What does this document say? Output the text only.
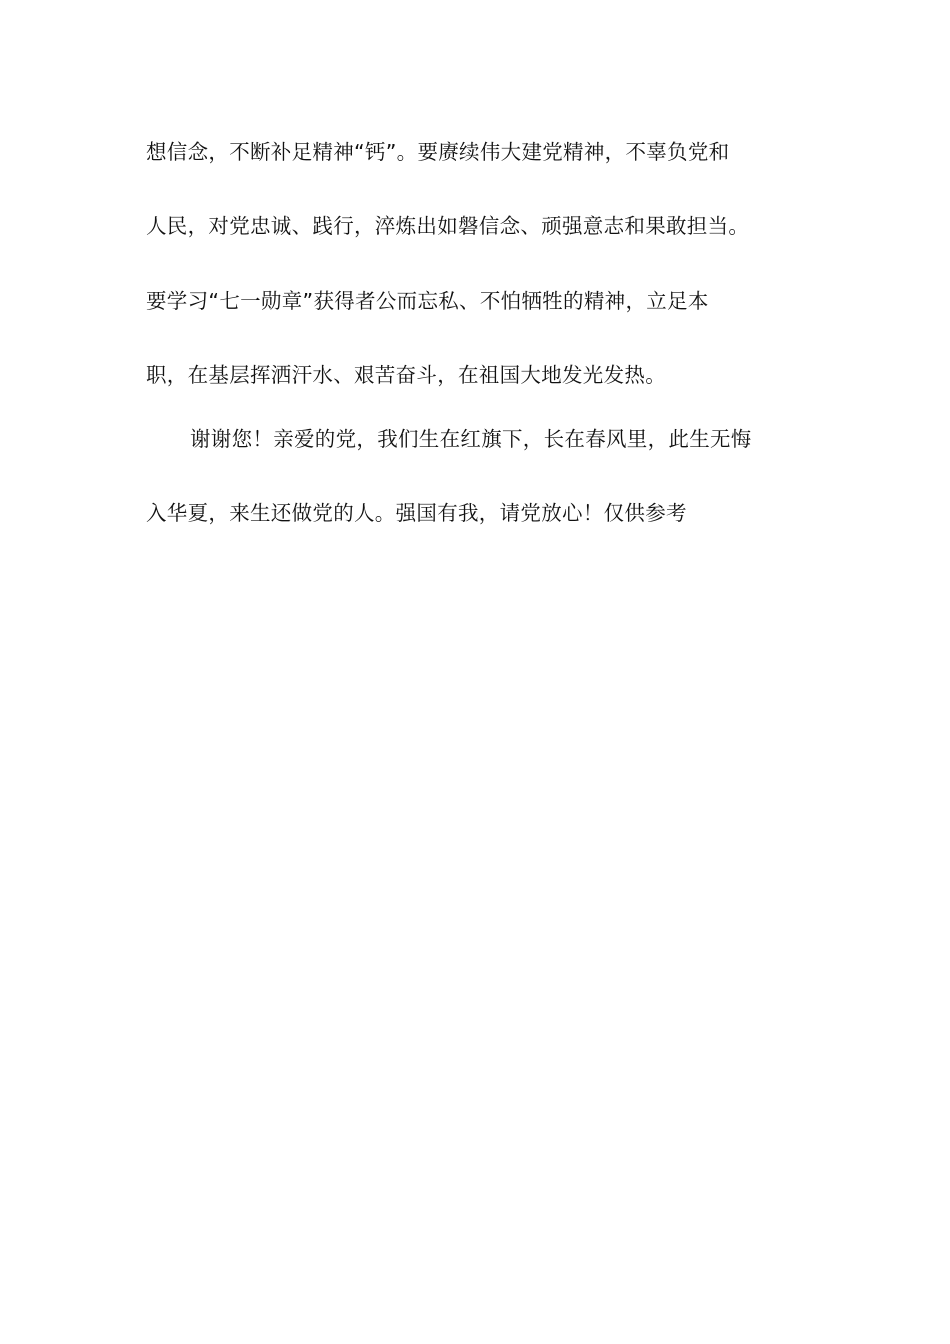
想信念，不断补足精神“钙”。要赓续伟大建党精神，不辜负党和
人民，对党忠诚、践行，淬炼出如磐信念、顽强意志和果敢担当。
要学习“七一勋章”获得者公而忘私、不怕牺牲的精神，立足本
职，在基层挥洒汗水、艰苦奋斗，在祖国大地发光发热。
谢谢您！亲爱的党，我们生在红旗下，长在春风里，此生无悔
入华夏，来生还做党的人。强国有我，请党放心！仅供参考
